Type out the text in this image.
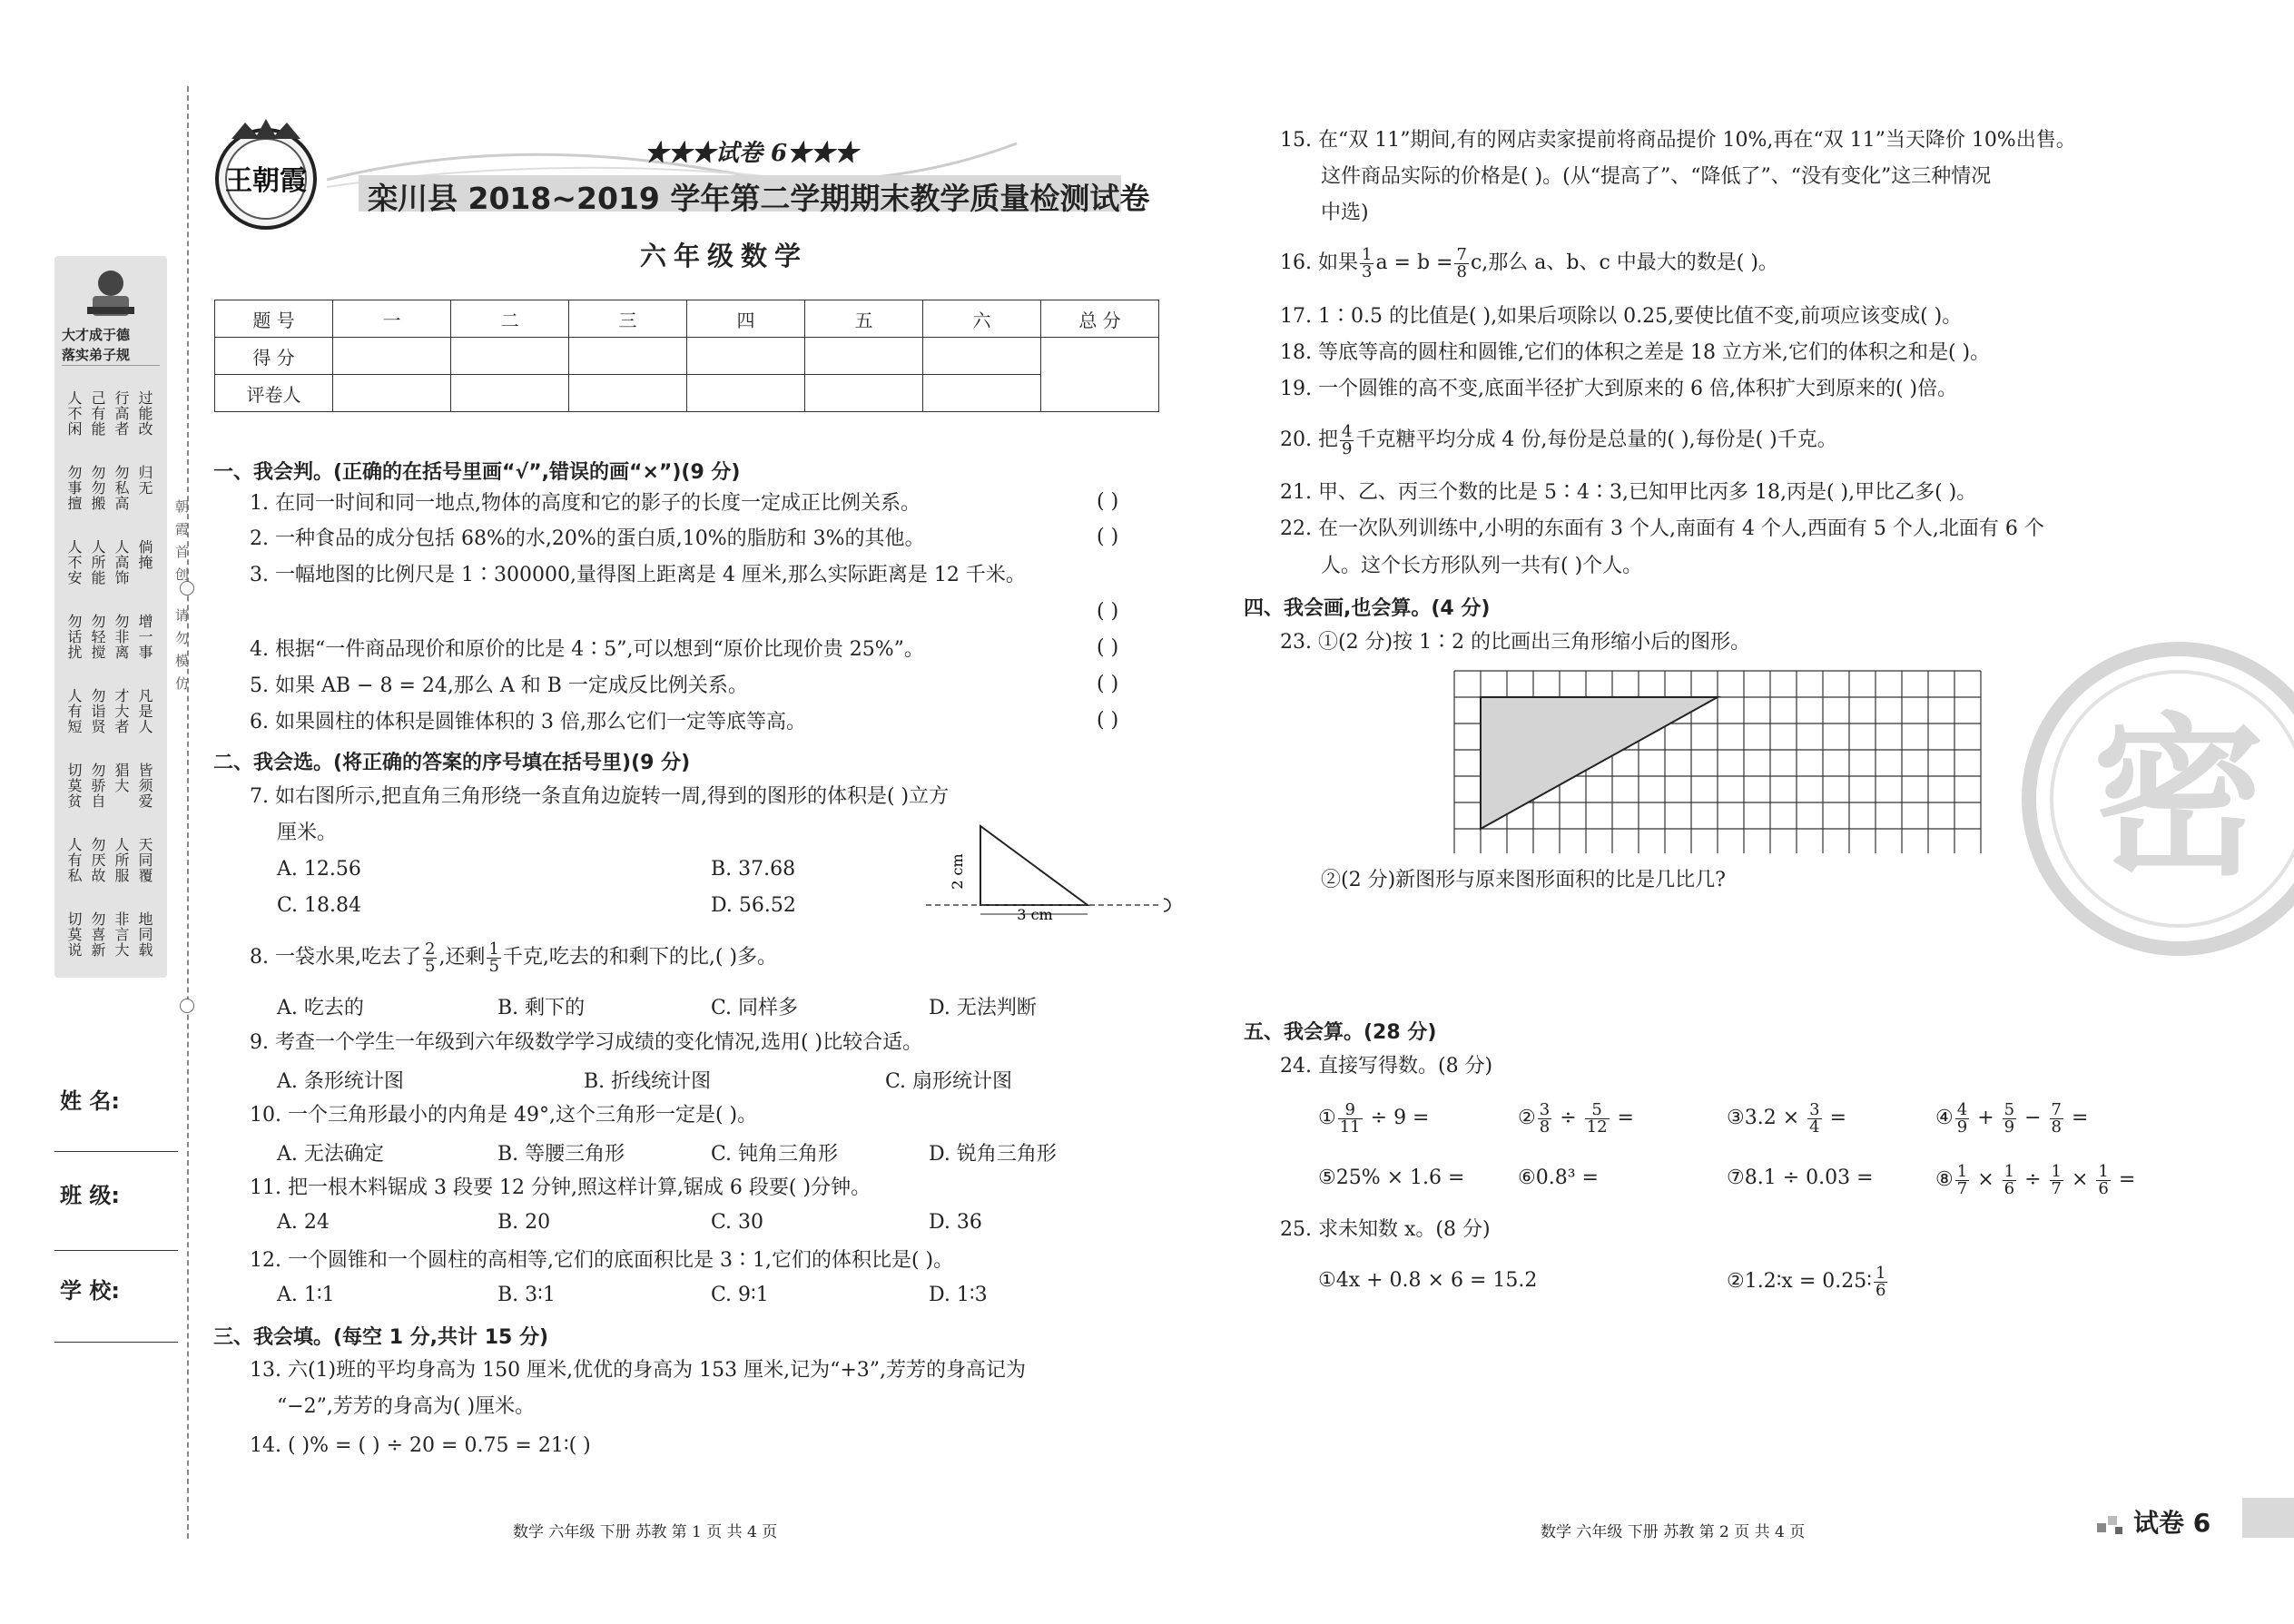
大才成于德
落实弟子规
人不闲 己有能 行高者 过能改
勿事擅 勿勿搬 勿私高 归无
人不安 人所能 人高饰 倘掩
勿话扰 勿轻搅 勿非离 增一事
人有短 勿诣贤 才大者 凡是人
切莫贫 勿骄自 猖大 皆须爱
人有私 勿厌故 人所服 天同覆
切莫说 勿喜新 非言大 地同载
朝
霞
首
创
请
勿
模
仿
姓 名:
班 级:
学 校:
王朝霞
★★★试卷 6★★★
栾川县 2018~2019 学年第二学期期末教学质量检测试卷
六年级数学
题 号	一	二	三	四	五	六	总 分
得 分							
评卷人							
一、我会判。(正确的在括号里画“√”,错误的画“×”)(9 分)
1. 在同一时间和同一地点,物体的高度和它的影子的长度一定成正比例关系。	( )
2. 一种食品的成分包括 68%的水,20%的蛋白质,10%的脂肪和 3%的其他。	( )
3. 一幅地图的比例尺是 1∶300000,量得图上距离是 4 厘米,那么实际距离是 12 千米。
( )
4. 根据“一件商品现价和原价的比是 4∶5”,可以想到“原价比现价贵 25%”。	( )
5. 如果 AB − 8 = 24,那么 A 和 B 一定成反比例关系。	( )
6. 如果圆柱的体积是圆锥体积的 3 倍,那么它们一定等底等高。	( )
二、我会选。(将正确的答案的序号填在括号里)(9 分)
7. 如右图所示,把直角三角形绕一条直角边旋转一周,得到的图形的体积是( )立方
厘米。
A. 12.56	B. 37.68
C. 18.84	D. 56.52
2 cm
3 cm
8. 一袋水果,吃去了 $\frac{2}{5}$ ,还剩 $\frac{1}{5}$ 千克,吃去的和剩下的比,( )多。
A. 吃去的	B. 剩下的	C. 同样多	D. 无法判断
9. 考查一个学生一年级到六年级数学学习成绩的变化情况,选用( )比较合适。
A. 条形统计图	B. 折线统计图	C. 扇形统计图
10. 一个三角形最小的内角是 49°,这个三角形一定是( )。
A. 无法确定	B. 等腰三角形	C. 钝角三角形	D. 锐角三角形
11. 把一根木料锯成 3 段要 12 分钟,照这样计算,锯成 6 段要( )分钟。
A. 24	B. 20	C. 30	D. 36
12. 一个圆锥和一个圆柱的高相等,它们的底面积比是 3∶1,它们的体积比是( )。
A. 1∶1	B. 3∶1	C. 9∶1	D. 1∶3
三、我会填。(每空 1 分,共计 15 分)
13. 六(1)班的平均身高为 150 厘米,优优的身高为 153 厘米,记为“+3”,芳芳的身高记为
“−2”,芳芳的身高为( )厘米。
14. ( )% = ( ) ÷ 20 = 0.75 = 21∶( )
数学 六年级 下册 苏教 第 1 页 共 4 页
15. 在“双 11”期间,有的网店卖家提前将商品提价 10%,再在“双 11”当天降价 10%出售。
这件商品实际的价格是( )。(从“提高了”、“降低了”、“没有变化”这三种情况
中选)
16. 如果 $\frac{1}{3}$ $a = b = \frac{7}{8} c$,那么 a、b、c 中最大的数是( )。
17. 1∶0.5 的比值是( ),如果后项除以 0.25,要使比值不变,前项应该变成( )。
18. 等底等高的圆柱和圆锥,它们的体积之差是 18 立方米,它们的体积之和是( )。
19. 一个圆锥的高不变,底面半径扩大到原来的 6 倍,体积扩大到原来的( )倍。
20. 把 $\frac{4}{9}$ 千克糖平均分成 4 份,每份是总量的( ),每份是( )千克。
21. 甲、乙、丙三个数的比是 5∶4∶3,已知甲比丙多 18,丙是( ),甲比乙多( )。
22. 在一次队列训练中,小明的东面有 3 个人,南面有 4 个人,西面有 5 个人,北面有 6 个
人。这个长方形队列一共有( )个人。
四、我会画,也会算。(4 分)
23. ①(2 分)按 1∶2 的比画出三角形缩小后的图形。
②(2 分)新图形与原来图形面积的比是几比几?
五、我会算。(28 分)
24. 直接写得数。(8 分)
① $\frac{9}{11} \div 9$ =	② $\frac{3}{8} \div \frac{5}{12}$ =	③3.2 × $\frac{3}{4}$ =	④ $\frac{4}{9} + \frac{5}{9} - \frac{7}{8}$ =
⑤25% × 1.6 =	⑥0.8³ =	⑦8.1 ÷ 0.03 =	⑧ $\frac{1}{7} \times \frac{1}{6} \div \frac{1}{7} \times \frac{1}{6}$ =
25. 求未知数 x。(8 分)
①4x + 0.8 × 6 = 15.2	②1.2∶x = 0.25∶ $\frac{1}{6}$
密
数学 六年级 下册 苏教 第 2 页 共 4 页	试卷 6
